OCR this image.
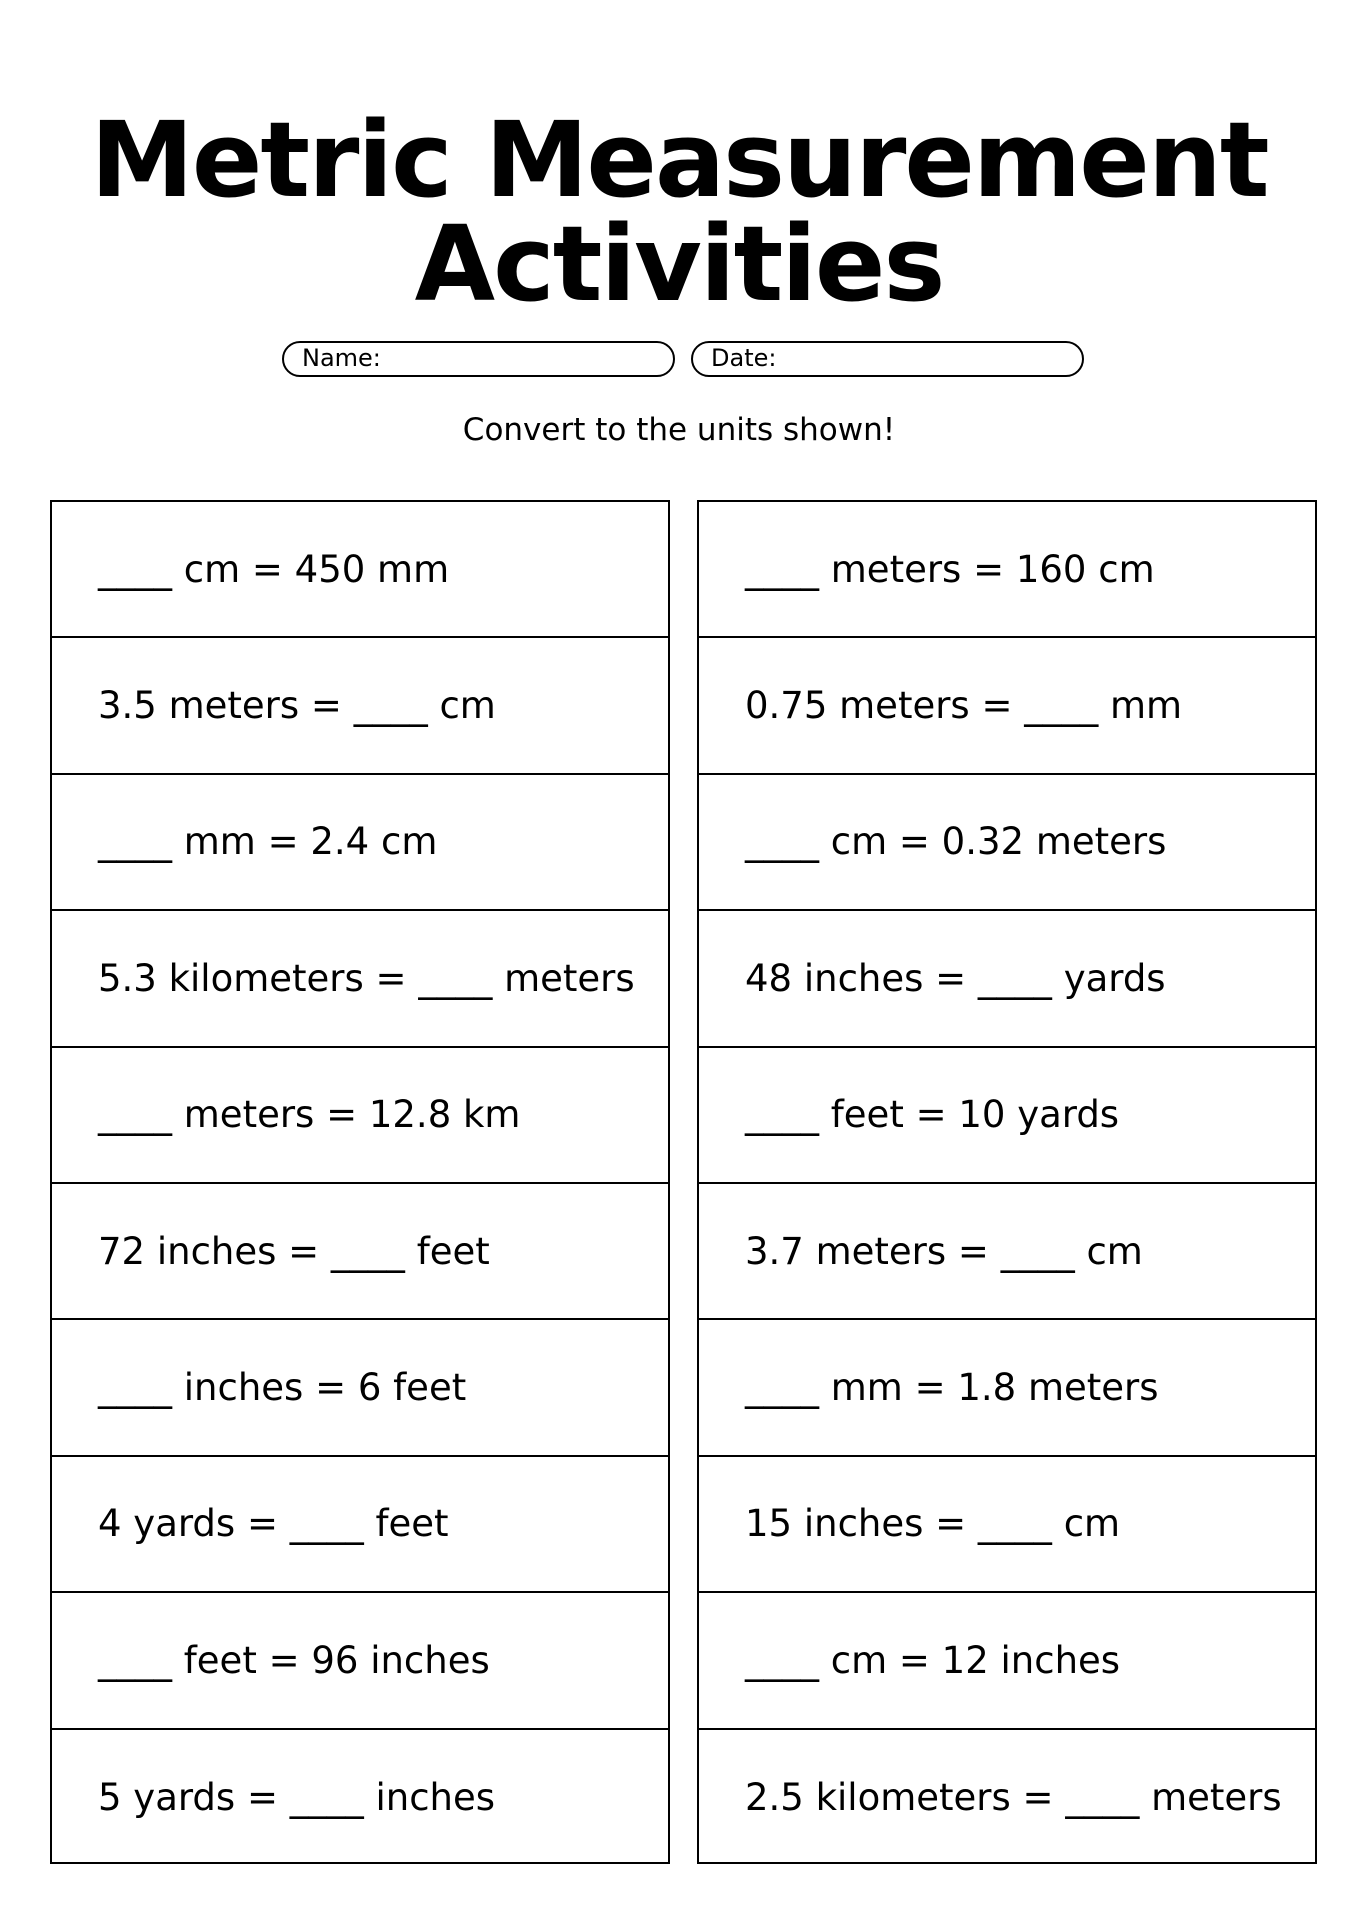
Metric Measurement
Activities
Name:	Date:
Convert to the units shown!
____ cm = 450 mm
3.5 meters = ____ cm
____ mm = 2.4 cm
5.3 kilometers = ____ meters
____ meters = 12.8 km
72 inches = ____ feet
____ inches = 6 feet
4 yards = ____ feet
____ feet = 96 inches
5 yards = ____ inches
____ meters = 160 cm
0.75 meters = ____ mm
____ cm = 0.32 meters
48 inches = ____ yards
____ feet = 10 yards
3.7 meters = ____ cm
____ mm = 1.8 meters
15 inches = ____ cm
____ cm = 12 inches
2.5 kilometers = ____ meters
